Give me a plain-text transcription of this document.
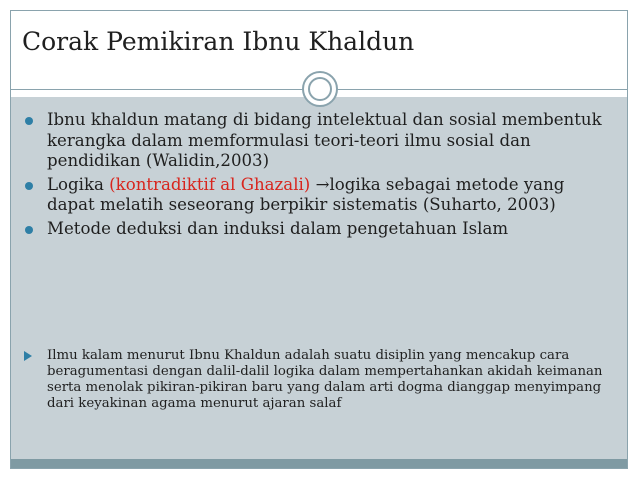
Corak Pemikiran Ibnu Khaldun
Ibnu khaldun matang di bidang intelektual dan sosial membentuk kerangka dalam memformulasi teori-teori ilmu sosial dan pendidikan (Walidin,2003)
Logika (kontradiktif al Ghazali) →logika sebagai metode yang dapat melatih seseorang berpikir sistematis (Suharto, 2003)
Metode deduksi dan induksi dalam pengetahuan Islam
Ilmu kalam menurut Ibnu Khaldun adalah suatu disiplin yang mencakup cara beragumentasi dengan dalil-dalil logika dalam mempertahankan akidah keimanan serta menolak pikiran-pikiran baru yang dalam arti dogma dianggap menyimpang dari keyakinan agama menurut ajaran salaf
